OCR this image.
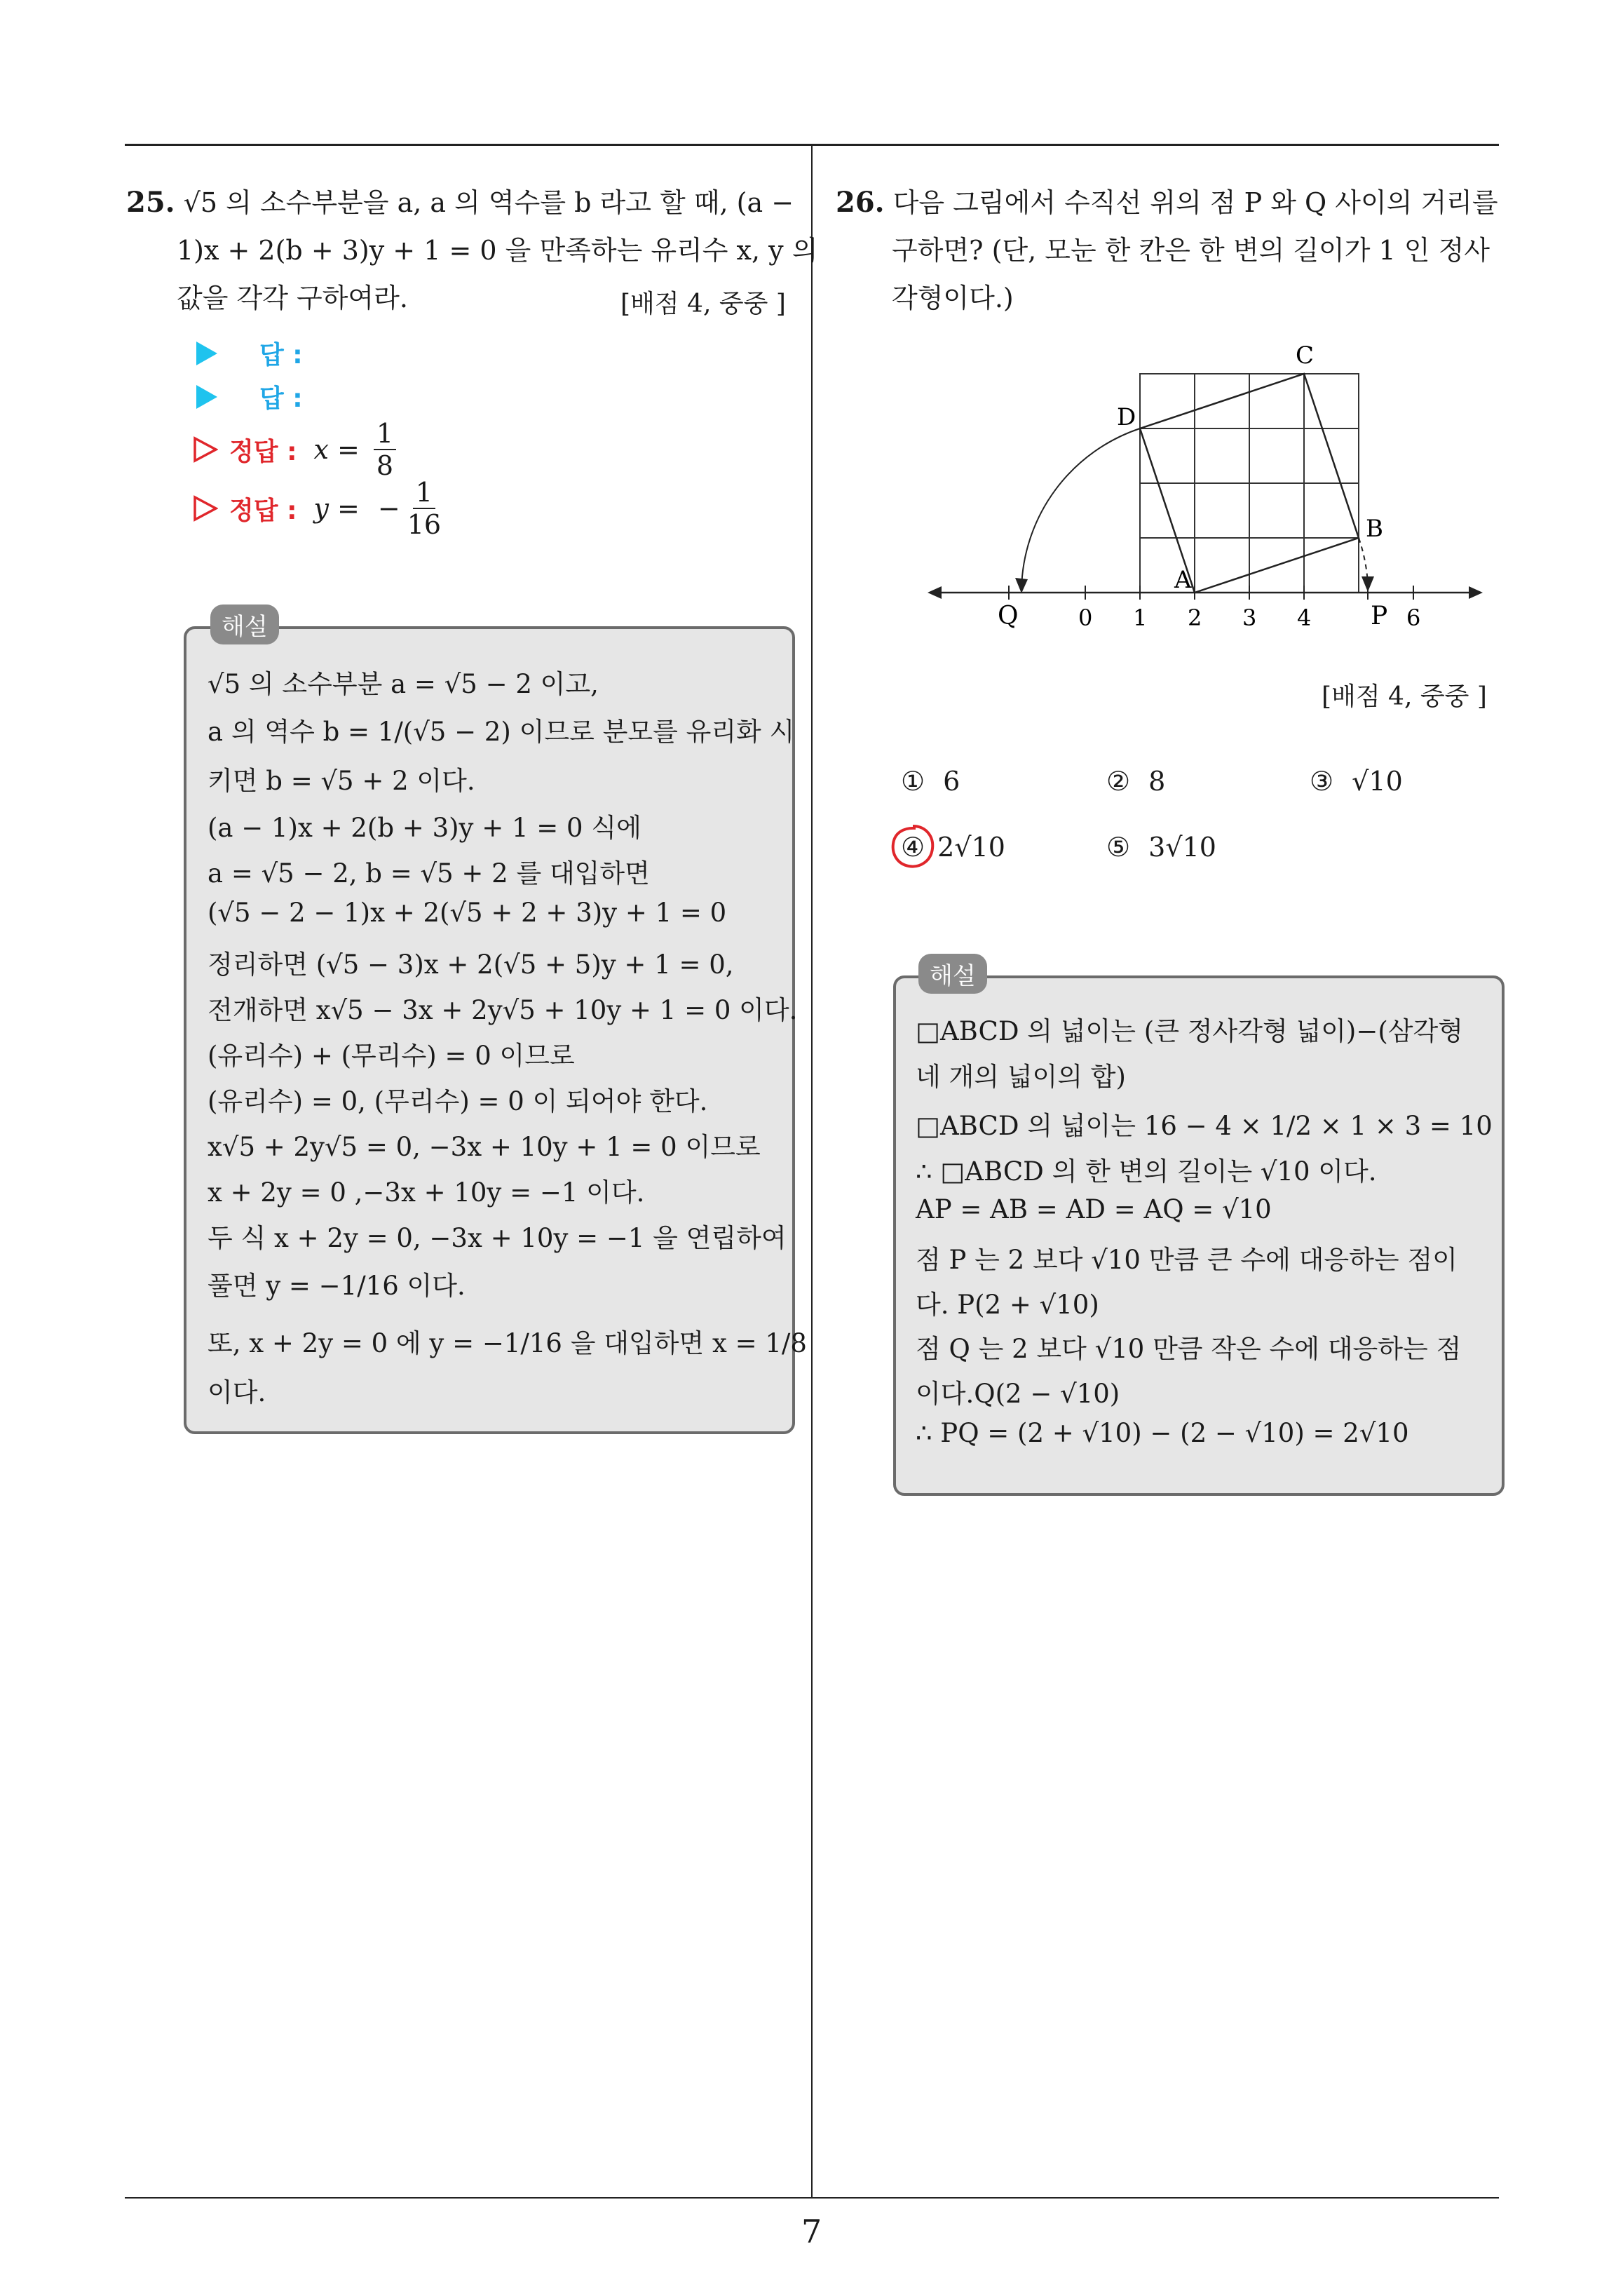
7
25. √5 의 소수부분을 a, a 의 역수를 b 라고 할 때, (a −
1)x + 2(b + 3)y + 1 = 0 을 만족하는 유리수 x, y 의
값을 각각 구하여라.	[배점 4, 중중 ]
답 :
답 :
정답 : $x = \frac{1}{8}$
정답 : y = − $\frac{1}{16}$
해설
√5 의 소수부분 a = √5 − 2 이고,
a 의 역수 b = 1/(√5 − 2) 이므로 분모를 유리화 시
키면 b = √5 + 2 이다.
(a − 1)x + 2(b + 3)y + 1 = 0 식에
a = √5 − 2, b = √5 + 2 를 대입하면
(√5 − 2 − 1)x + 2(√5 + 2 + 3)y + 1 = 0
정리하면 (√5 − 3)x + 2(√5 + 5)y + 1 = 0,
전개하면 x√5 − 3x + 2y√5 + 10y + 1 = 0 이다.
(유리수) + (무리수) = 0 이므로
(유리수) = 0, (무리수) = 0 이 되어야 한다.
x√5 + 2y√5 = 0, −3x + 10y + 1 = 0 이므로
x + 2y = 0 ,−3x + 10y = −1 이다.
두 식 x + 2y = 0, −3x + 10y = −1 을 연립하여
풀면 y = −1/16 이다.
또, x + 2y = 0 에 y = −1/16 을 대입하면 x = 1/8
이다.
26. 다음 그림에서 수직선 위의 점 P 와 Q 사이의 거리를
구하면? (단, 모눈 한 칸은 한 변의 길이가 1 인 정사
각형이다.)
A
B
C
D
Q	P
0 1 2 3 4	6
[배점 4, 중중 ]
① 6	② 8	③ √10
④ 2√10	⑤ 3√10
해설
□ABCD 의 넓이는 (큰 정사각형 넓이)−(삼각형
네 개의 넓이의 합)
□ABCD 의 넓이는 16 − 4 × 1/2 × 1 × 3 = 10
∴ □ABCD 의 한 변의 길이는 √10 이다.
AP = AB = AD = AQ = √10
점 P 는 2 보다 √10 만큼 큰 수에 대응하는 점이
다. P(2 + √10)
점 Q 는 2 보다 √10 만큼 작은 수에 대응하는 점
이다.Q(2 − √10)
∴ PQ = (2 + √10) − (2 − √10) = 2√10
